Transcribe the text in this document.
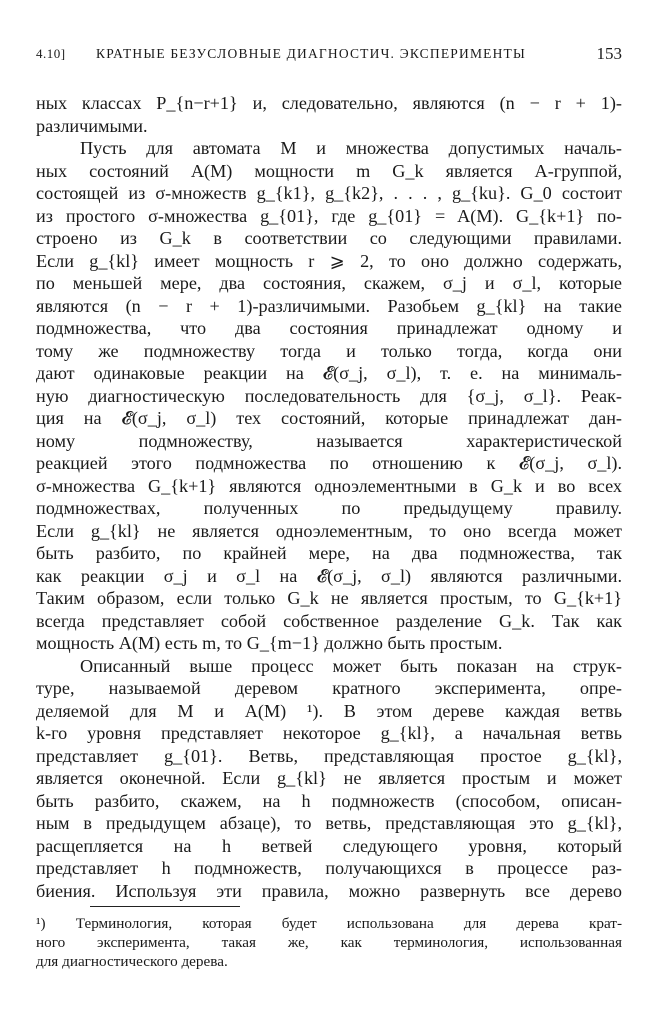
4.10] КРАТНЫЕ БЕЗУСЛОВНЫЕ ДИАГНОСТИЧ. ЭКСПЕРИМЕНТЫ	153
ных классах P_{n−r+1} и, следовательно, являются (n − r + 1)-
различимыми.
Пусть для автомата M и множества допустимых началь-
ных состояний A(M) мощности m G_k является A-группой,
состоящей из σ-множеств g_{k1}, g_{k2}, . . . , g_{ku}. G_0 состоит
из простого σ-множества g_{01}, где g_{01} = A(M). G_{k+1} по-
строено из G_k в соответствии со следующими правилами.
Если g_{kl} имеет мощность r ⩾ 2, то оно должно содержать,
по меньшей мере, два состояния, скажем, σ_j и σ_l, которые
являются (n − r + 1)-различимыми. Разобьем g_{kl} на такие
подмножества, что два состояния принадлежат одному и
тому же подмножеству тогда и только тогда, когда они
дают одинаковые реакции на 𝓔(σ_j, σ_l), т. е. на минималь-
ную диагностическую последовательность для {σ_j, σ_l}. Реак-
ция на 𝓔(σ_j, σ_l) тех состояний, которые принадлежат дан-
ному подмножеству, называется характеристической
реакцией этого подмножества по отношению к 𝓔(σ_j, σ_l).
σ-множества G_{k+1} являются одноэлементными в G_k и во всех
подмножествах, полученных по предыдущему правилу.
Если g_{kl} не является одноэлементным, то оно всегда может
быть разбито, по крайней мере, на два подмножества, так
как реакции σ_j и σ_l на 𝓔(σ_j, σ_l) являются различными.
Таким образом, если только G_k не является простым, то G_{k+1}
всегда представляет собой собственное разделение G_k. Так как
мощность A(M) есть m, то G_{m−1} должно быть простым.
Описанный выше процесс может быть показан на струк-
туре, называемой деревом кратного эксперимента, опре-
деляемой для M и A(M) ¹). В этом дереве каждая ветвь
k-го уровня представляет некоторое g_{kl}, а начальная ветвь
представляет g_{01}. Ветвь, представляющая простое g_{kl},
является оконечной. Если g_{kl} не является простым и может
быть разбито, скажем, на h подмножеств (способом, описан-
ным в предыдущем абзаце), то ветвь, представляющая это g_{kl},
расщепляется на h ветвей следующего уровня, который
представляет h подмножеств, получающихся в процессе раз-
биения. Используя эти правила, можно развернуть все дерево
¹) Терминология, которая будет использована для дерева крат-
ного эксперимента, такая же, как терминология, использованная
для диагностического дерева.
